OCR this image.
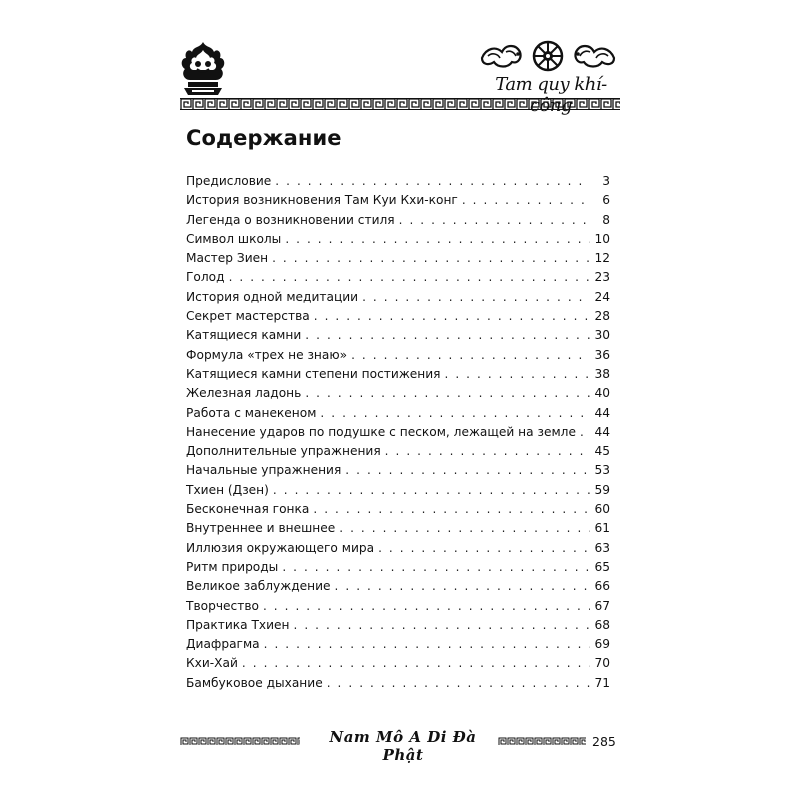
Tam quy khí-
Содержание
Предисловие . . .	3
История возникновения Там Куи Кхи-конг . . .	6
Легенда о возникновении стиля . . .	8
Символ школы . . .	10
Мастер Зиен . . .	12
Голод . . .	23
История одной медитации . . .	24
Секрет мастерства . . .	28
Катящиеся камни . . .	30
Формула «трех не знаю» . . .	36
Катящиеся камни степени постижения . . .	38
Железная ладонь . . .	40
Работа с манекеном . . .	44
Нанесение ударов по подушке с песком, лежащей на земле . . . 44
Дополнительные упражнения . . .	45
Начальные упражнения . . .	53
Тхиен (Дзен) . . .	59
Бесконечная гонка . . .	60
Внутреннее и внешнее . . .	61
Иллюзия окружающего мира . . .	63
Ритм природы . . .	65
Великое заблуждение . . .	66
Творчество . . .	67
Практика Тхиен . . .	68
Диафрагма . . .	69
Кхи-Хай . . .	70
Бамбуковое дыхание . . .	71
Nam Mô A Di Đà Phật
285
